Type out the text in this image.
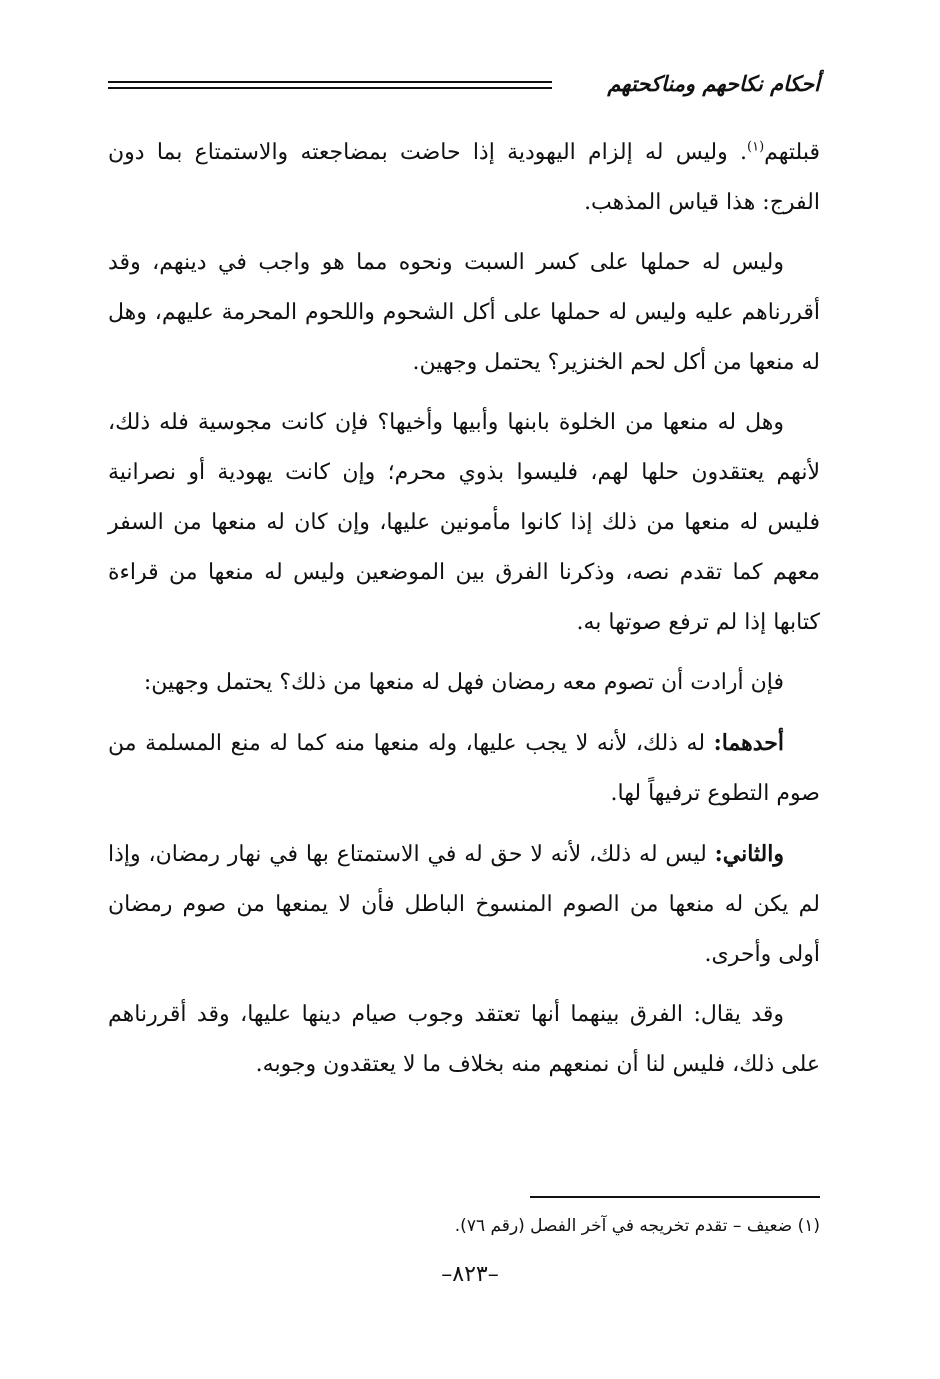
أحكام نكاحهم ومناكحتهم

قبلتهم$^{(١)}$. وليس له إلزام اليهودية إذا حاضت بمضاجعته والاستمتاع بما دون الفرج: هذا قياس المذهب.

وليس له حملها على كسر السبت ونحوه مما هو واجب في دينهم، وقد أقررناهم عليه وليس له حملها على أكل الشحوم واللحوم المحرمة عليهم، وهل له منعها من أكل لحم الخنزير؟ يحتمل وجهين.

وهل له منعها من الخلوة بابنها وأبيها وأخيها؟ فإن كانت مجوسية فله ذلك، لأنهم يعتقدون حلها لهم، فليسوا بذوي محرم؛ وإن كانت يهودية أو نصرانية فليس له منعها من ذلك إذا كانوا مأمونين عليها، وإن كان له منعها من السفر معهم كما تقدم نصه، وذكرنا الفرق بين الموضعين وليس له منعها من قراءة كتابها إذا لم ترفع صوتها به.

فإن أرادت أن تصوم معه رمضان فهل له منعها من ذلك؟ يحتمل وجهين:

أحدهما: له ذلك، لأنه لا يجب عليها، وله منعها منه كما له منع المسلمة من صوم التطوع ترفيهاً لها.

والثاني: ليس له ذلك، لأنه لا حق له في الاستمتاع بها في نهار رمضان، وإذا لم يكن له منعها من الصوم المنسوخ الباطل فأن لا يمنعها من صوم رمضان أولى وأحرى.

وقد يقال: الفرق بينهما أنها تعتقد وجوب صيام دينها عليها، وقد أقررناهم على ذلك، فليس لنا أن نمنعهم منه بخلاف ما لا يعتقدون وجوبه.

(١) ضعيف – تقدم تخريجه في آخر الفصل (رقم ٧٦).
–٨٢٣–
